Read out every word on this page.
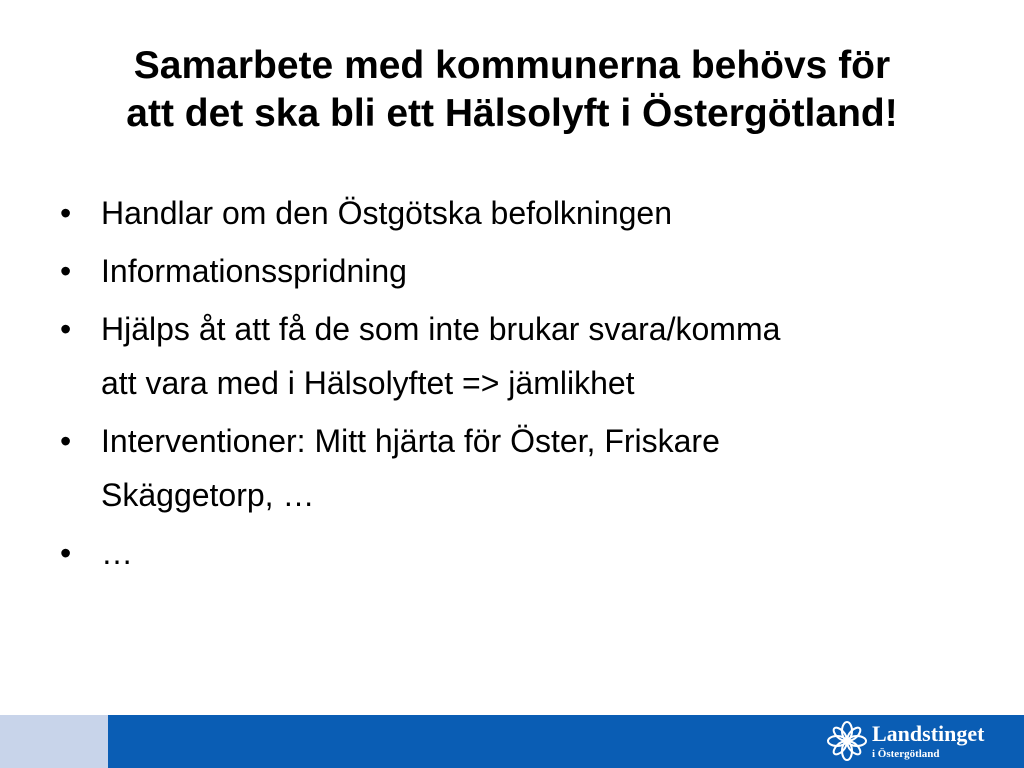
Samarbete med kommunerna behövs för
att det ska bli ett Hälsolyft i Östergötland!
• Handlar om den Östgötska befolkningen
• Informationsspridning
• Hjälps åt att få de som inte brukar svara/komma
att vara med i Hälsolyftet => jämlikhet
• Interventioner: Mitt hjärta för Öster, Friskare
Skäggetorp, …
• …
Landstinget
i Östergötland
